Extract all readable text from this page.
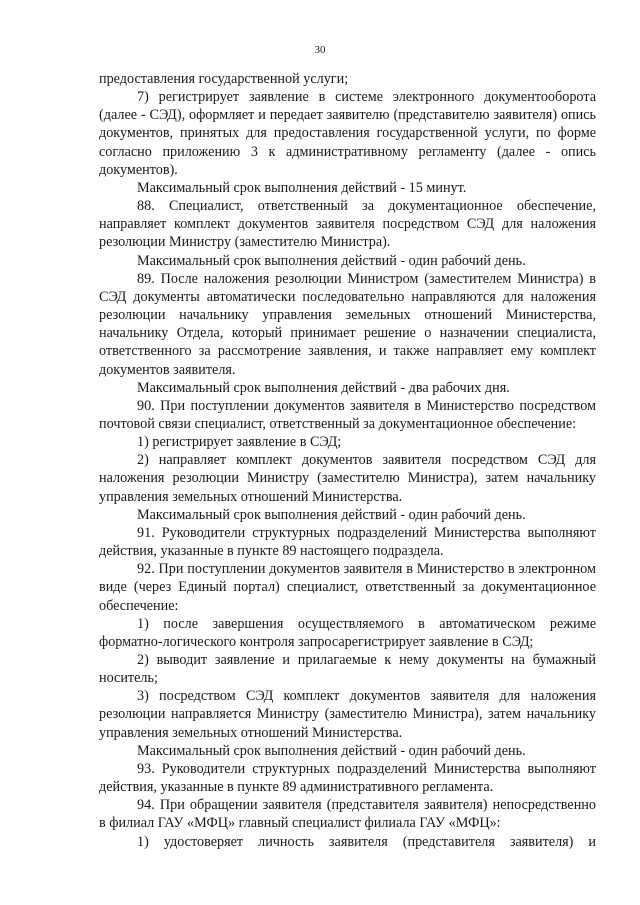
30

предоставления государственной услуги;

7) регистрирует заявление в системе электронного документооборота (далее - СЭД), оформляет и передает заявителю (представителю заявителя) опись документов, принятых для предоставления государственной услуги, по форме согласно приложению 3 к административному регламенту (далее - опись документов).

Максимальный срок выполнения действий - 15 минут.

88. Специалист, ответственный за документационное обеспечение, направляет комплект документов заявителя посредством СЭД для наложения резолюции Министру (заместителю Министра).

Максимальный срок выполнения действий - один рабочий день.

89. После наложения резолюции Министром (заместителем Министра) в СЭД документы автоматически последовательно направляются для наложения резолюции начальнику управления земельных отношений Министерства, начальнику Отдела, который принимает решение о назначении специалиста, ответственного за рассмотрение заявления, и также направляет ему комплект документов заявителя.

Максимальный срок выполнения действий - два рабочих дня.

90. При поступлении документов заявителя в Министерство посредством почтовой связи специалист, ответственный за документационное обеспечение:

1) регистрирует заявление в СЭД;

2) направляет комплект документов заявителя посредством СЭД для наложения резолюции Министру (заместителю Министра), затем начальнику управления земельных отношений Министерства.

Максимальный срок выполнения действий - один рабочий день.

91. Руководители структурных подразделений Министерства выполняют действия, указанные в пункте 89 настоящего подраздела.

92. При поступлении документов заявителя в Министерство в электронном виде (через Единый портал) специалист, ответственный за документационное обеспечение:

1) после завершения осуществляемого в автоматическом режиме форматно-логического контроля запросарегистрирует заявление в СЭД;

2) выводит заявление и прилагаемые к нему документы на бумажный носитель;

3) посредством СЭД комплект документов заявителя для наложения резолюции направляется Министру (заместителю Министра), затем начальнику управления земельных отношений Министерства.

Максимальный срок выполнения действий - один рабочий день.

93. Руководители структурных подразделений Министерства выполняют действия, указанные в пункте 89 административного регламента.

94. При обращении заявителя (представителя заявителя) непосредственно в филиал ГАУ «МФЦ» главный специалист филиала ГАУ «МФЦ»:

1) удостоверяет личность заявителя (представителя заявителя) и
